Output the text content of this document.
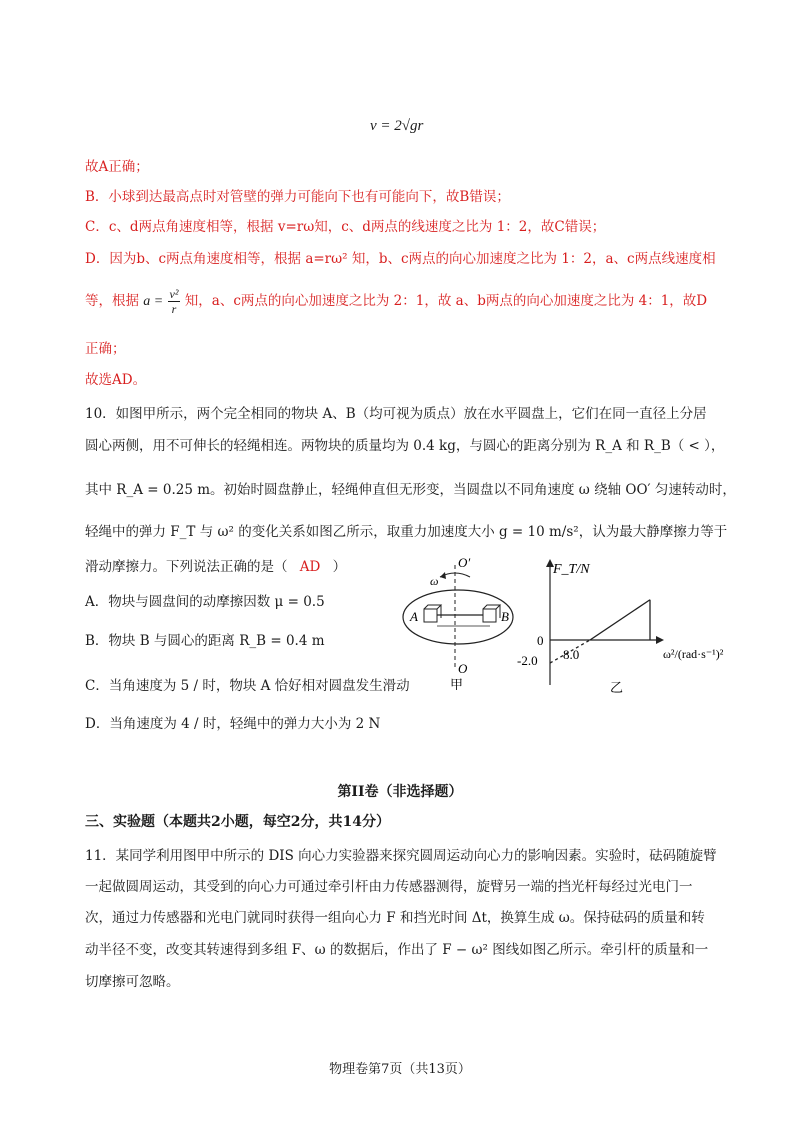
v = 2√gr
故A正确；
B．小球到达最高点时对管壁的弹力可能向下也有可能向下，故B错误；
C．c、d两点角速度相等，根据 v=rω知，c、d两点的线速度之比为 1：2，故C错误；
D．因为b、c两点角速度相等，根据 a=rω² 知，b、c两点的向心加速度之比为 1：2，a、c两点线速度相
等，根据 $a = \frac{\text{v²}}{r}$ 知，a、c两点的向心加速度之比为 2：1，故 a、b两点的向心加速度之比为 4：1，故D
正确；
故选AD。
10．如图甲所示，两个完全相同的物块 A、B（均可视为质点）放在水平圆盘上，它们在同一直径上分居
圆心两侧，用不可伸长的轻绳相连。两物块的质量均为 0.4 kg，与圆心的距离分别为 R_A 和 R_B（ < ），
其中 R_A = 0.25 m。初始时圆盘静止，轻绳伸直但无形变，当圆盘以不同角速度 ω 绕轴 OO′ 匀速转动时，
轻绳中的弹力 F_T 与 ω² 的变化关系如图乙所示，取重力加速度大小 g = 10 m/s²，认为最大静摩擦力等于
滑动摩擦力。下列说法正确的是（ AD ）
A．物块与圆盘间的动摩擦因数 μ = 0.5
B．物块 B 与圆心的距离 R_B = 0.4 m
C．当角速度为 5 / 时，物块 A 恰好相对圆盘发生滑动
D．当角速度为 4 / 时，轻绳中的弹力大小为 2 N
O′
ω
A	B
O
甲
F_T/N
ω²/(rad·s⁻¹)²
0
8.0
-2.0
乙
第II卷（非选择题）
三、实验题（本题共2小题，每空2分，共14分）
11．某同学利用图甲中所示的 DIS 向心力实验器来探究圆周运动向心力的影响因素。实验时，砝码随旋臂
一起做圆周运动，其受到的向心力可通过牵引杆由力传感器测得，旋臂另一端的挡光杆每经过光电门一
次，通过力传感器和光电门就同时获得一组向心力 F 和挡光时间 Δt，换算生成 ω。保持砝码的质量和转
动半径不变，改变其转速得到多组 F、ω 的数据后，作出了 F − ω² 图线如图乙所示。牵引杆的质量和一
切摩擦可忽略。
物理卷第7页（共13页）
